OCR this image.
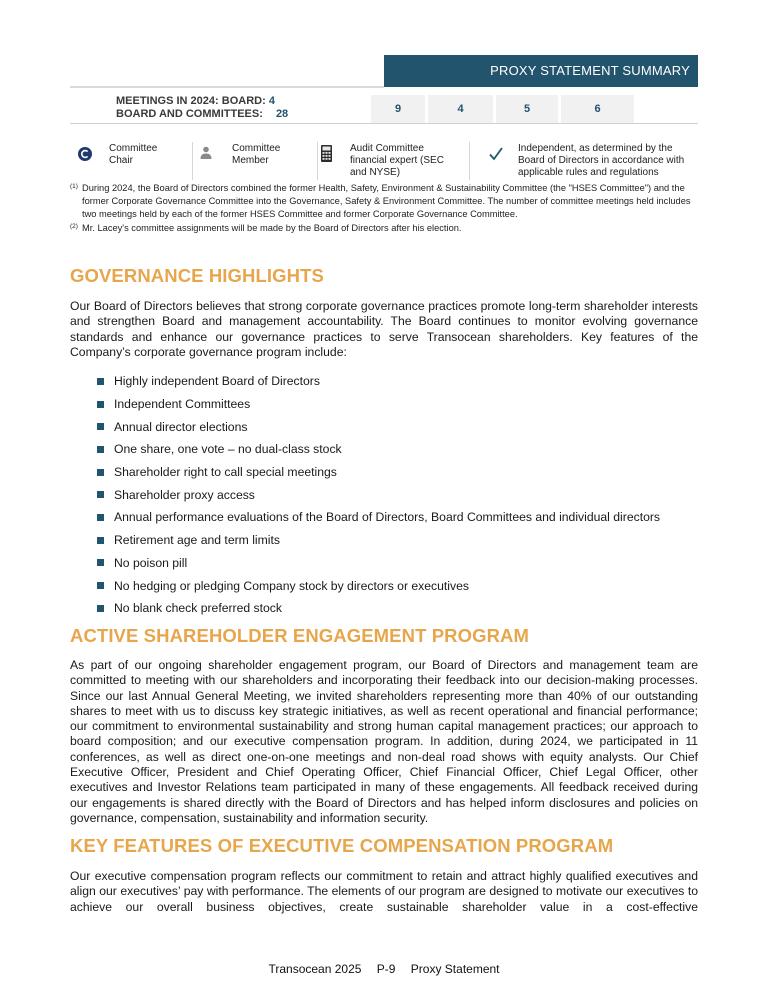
PROXY STATEMENT SUMMARY
MEETINGS IN 2024: BOARD: 4
BOARD AND COMMITTEES: 28	9	4	5	6
Committee Chair
Committee Member
Audit Committee financial expert (SEC and NYSE)
Independent, as determined by the Board of Directors in accordance with applicable rules and regulations
(1) During 2024, the Board of Directors combined the former Health, Safety, Environment & Sustainability Committee (the "HSES Committee") and the former Corporate Governance Committee into the Governance, Safety & Environment Committee. The number of committee meetings held includes two meetings held by each of the former HSES Committee and former Corporate Governance Committee.
(2) Mr. Lacey's committee assignments will be made by the Board of Directors after his election.
GOVERNANCE HIGHLIGHTS

Our Board of Directors believes that strong corporate governance practices promote long-term shareholder interests and strengthen Board and management accountability. The Board continues to monitor evolving governance standards and enhance our governance practices to serve Transocean shareholders. Key features of the Company’s corporate governance program include:

Highly independent Board of Directors
Independent Committees
Annual director elections
One share, one vote – no dual-class stock
Shareholder right to call special meetings
Shareholder proxy access
Annual performance evaluations of the Board of Directors, Board Committees and individual directors
Retirement age and term limits
No poison pill
No hedging or pledging Company stock by directors or executives
No blank check preferred stock
ACTIVE SHAREHOLDER ENGAGEMENT PROGRAM

As part of our ongoing shareholder engagement program, our Board of Directors and management team are committed to meeting with our shareholders and incorporating their feedback into our decision-making processes. Since our last Annual General Meeting, we invited shareholders representing more than 40% of our outstanding shares to meet with us to discuss key strategic initiatives, as well as recent operational and financial performance; our commitment to environmental sustainability and strong human capital management practices; our approach to board composition; and our executive compensation program. In addition, during 2024, we participated in 11 conferences, as well as direct one-on-one meetings and non-deal road shows with equity analysts. Our Chief Executive Officer, President and Chief Operating Officer, Chief Financial Officer, Chief Legal Officer, other executives and Investor Relations team participated in many of these engagements. All feedback received during our engagements is shared directly with the Board of Directors and has helped inform disclosures and policies on governance, compensation, sustainability and information security.

KEY FEATURES OF EXECUTIVE COMPENSATION PROGRAM

Our executive compensation program reflects our commitment to retain and attract highly qualified executives and align our executives’ pay with performance. The elements of our program are designed to motivate our executives to achieve our overall business objectives, create sustainable shareholder value in a cost-effective

Transocean 2025 P-9 Proxy Statement
